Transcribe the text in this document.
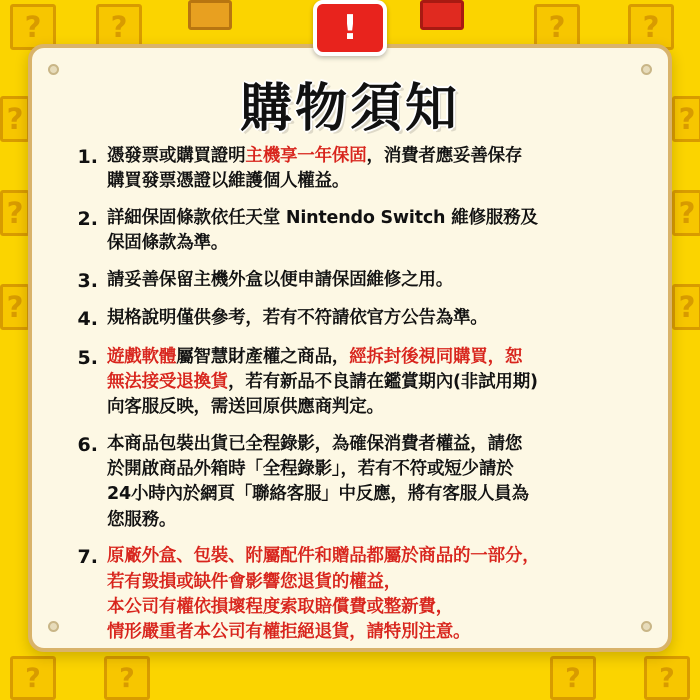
?	?	?	?
?
?
?
?
?
?
?	?	?	?
!
購物須知
1. 憑發票或購買證明主機享一年保固，消費者應妥善保存
購買發票憑證以維護個人權益。
2. 詳細保固條款依任天堂 Nintendo Switch 維修服務及
保固條款為準。
3. 請妥善保留主機外盒以便申請保固維修之用。
4. 規格說明僅供參考，若有不符請依官方公告為準。
5. 遊戲軟體屬智慧財產權之商品，經拆封後視同購買，恕
無法接受退換貨，若有新品不良請在鑑賞期內(非試用期)
向客服反映，需送回原供應商判定。
6. 本商品包裝出貨已全程錄影，為確保消費者權益，請您
於開啟商品外箱時「全程錄影」，若有不符或短少請於
24小時內於網頁「聯絡客服」中反應，將有客服人員為
您服務。
7. 原廠外盒、包裝、附屬配件和贈品都屬於商品的一部分，
若有毀損或缺件會影響您退貨的權益，
本公司有權依損壞程度索取賠償費或整新費，
情形嚴重者本公司有權拒絕退貨，請特別注意。
